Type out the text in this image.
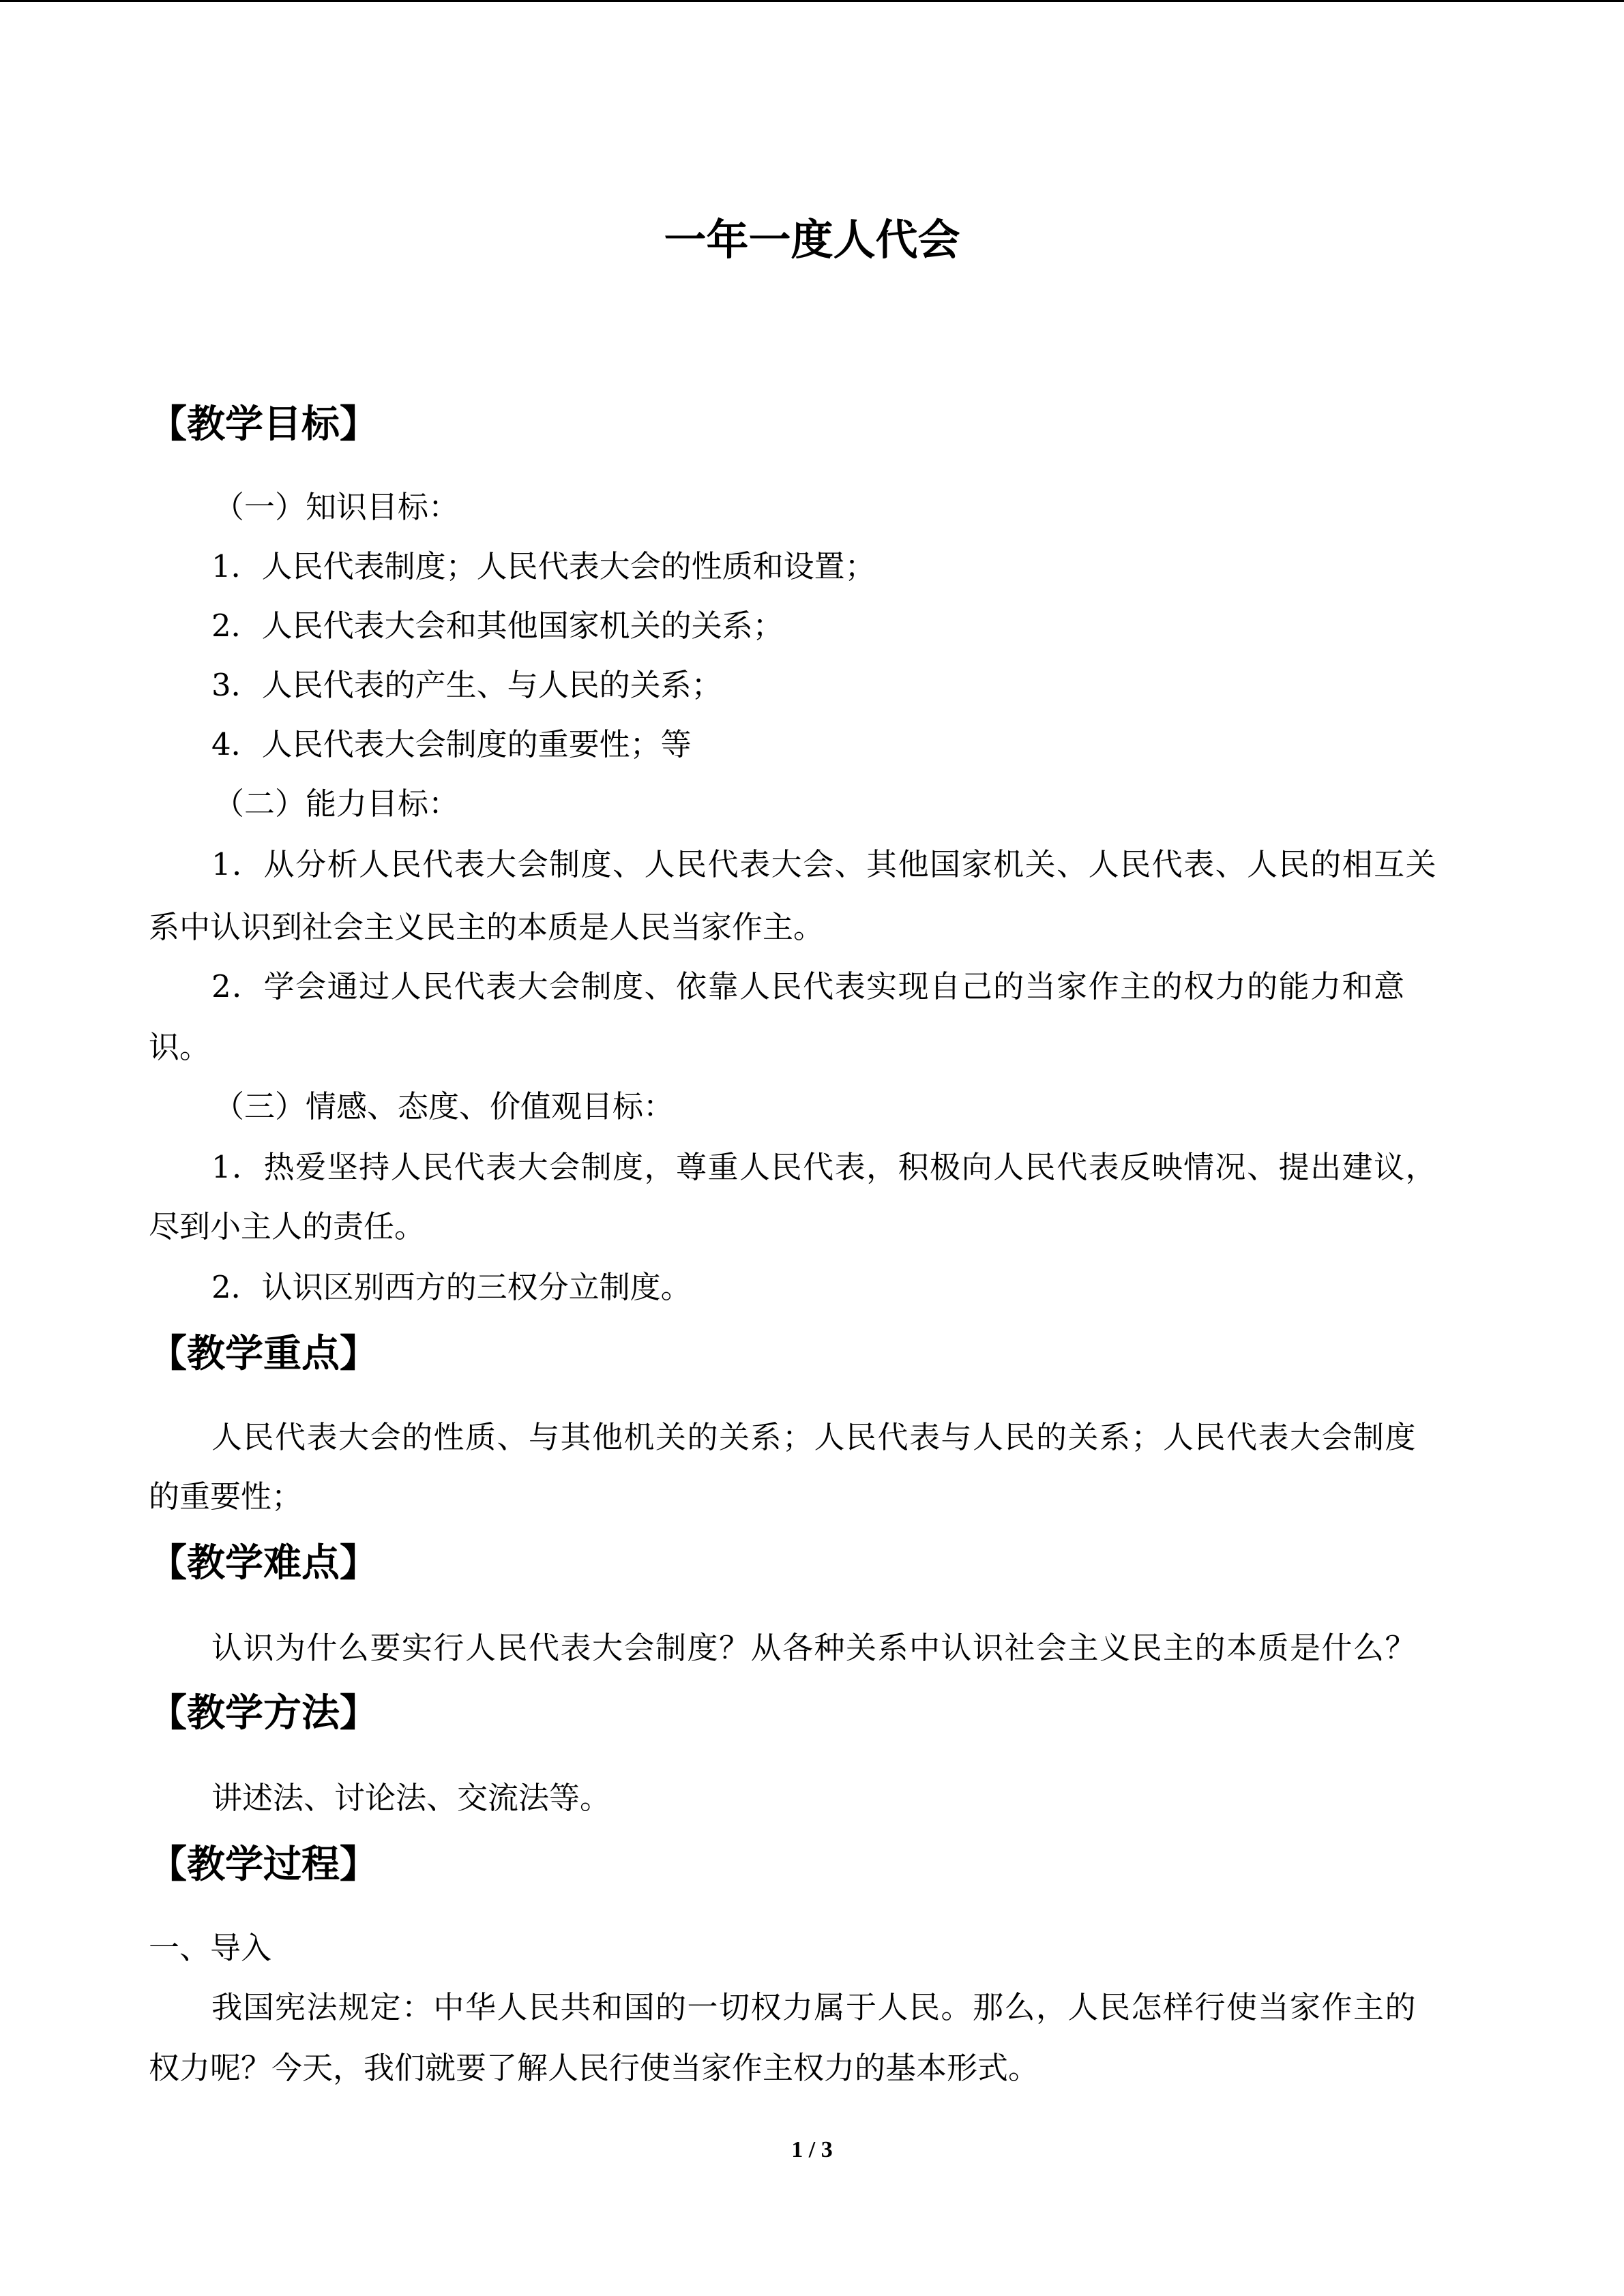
一年一度人代会
【教学目标】
（一）知识目标：
1．人民代表制度；人民代表大会的性质和设置；
2．人民代表大会和其他国家机关的关系；
3．人民代表的产生、与人民的关系；
4．人民代表大会制度的重要性；等
（二）能力目标：
1．从分析人民代表大会制度、人民代表大会、其他国家机关、人民代表、人民的相互关
系中认识到社会主义民主的本质是人民当家作主。
2．学会通过人民代表大会制度、依靠人民代表实现自己的当家作主的权力的能力和意
识。
（三）情感、态度、价值观目标：
1．热爱坚持人民代表大会制度，尊重人民代表，积极向人民代表反映情况、提出建议，
尽到小主人的责任。
2．认识区别西方的三权分立制度。
【教学重点】
人民代表大会的性质、与其他机关的关系；人民代表与人民的关系；人民代表大会制度
的重要性；
【教学难点】
认识为什么要实行人民代表大会制度？从各种关系中认识社会主义民主的本质是什么？
【教学方法】
讲述法、讨论法、交流法等。
【教学过程】
一、导入
我国宪法规定：中华人民共和国的一切权力属于人民。那么，人民怎样行使当家作主的
权力呢？今天，我们就要了解人民行使当家作主权力的基本形式。
1 / 3
